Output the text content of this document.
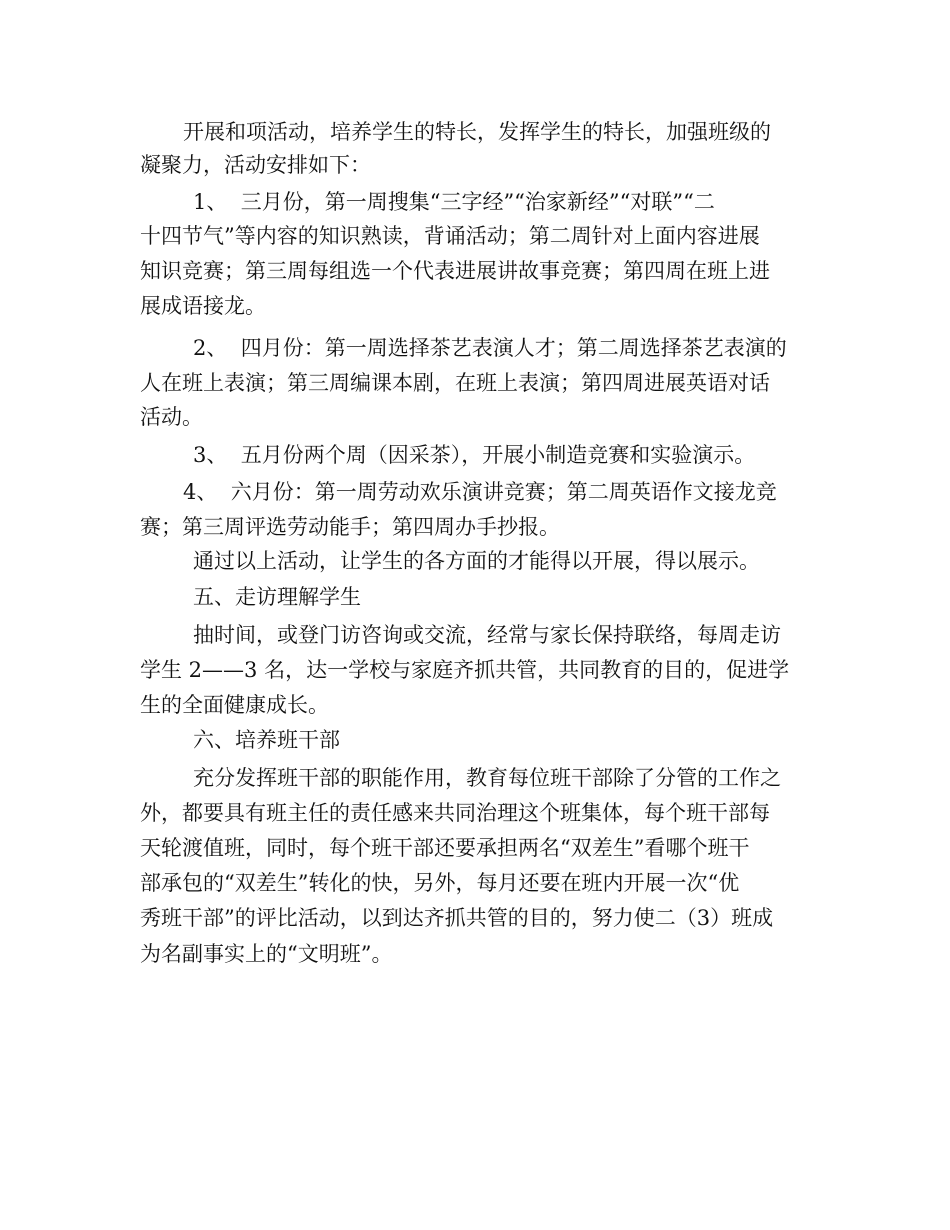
开展和项活动，培养学生的特长，发挥学生的特长，加强班级的
凝聚力，活动安排如下：
1、  三月份，第一周搜集“三字经”“治家新经”“对联”“二
十四节气”等内容的知识熟读，背诵活动；第二周针对上面内容进展
知识竞赛；第三周每组选一个代表进展讲故事竞赛；第四周在班上进
展成语接龙。
2、  四月份：第一周选择茶艺表演人才；第二周选择茶艺表演的
人在班上表演；第三周编课本剧，在班上表演；第四周进展英语对话
活动。
3、  五月份两个周（因采茶），开展小制造竞赛和实验演示。
4、  六月份：第一周劳动欢乐演讲竞赛；第二周英语作文接龙竞
赛；第三周评选劳动能手；第四周办手抄报。
通过以上活动，让学生的各方面的才能得以开展，得以展示。
五、走访理解学生
抽时间，或登门访咨询或交流，经常与家长保持联络，每周走访
学生 2——3 名，达一学校与家庭齐抓共管，共同教育的目的，促进学
生的全面健康成长。
六、培养班干部
充分发挥班干部的职能作用，教育每位班干部除了分管的工作之
外，都要具有班主任的责任感来共同治理这个班集体，每个班干部每
天轮渡值班，同时，每个班干部还要承担两名“双差生”看哪个班干
部承包的“双差生”转化的快，另外，每月还要在班内开展一次“优
秀班干部”的评比活动，以到达齐抓共管的目的，努力使二（3）班成
为名副事实上的“文明班”。
